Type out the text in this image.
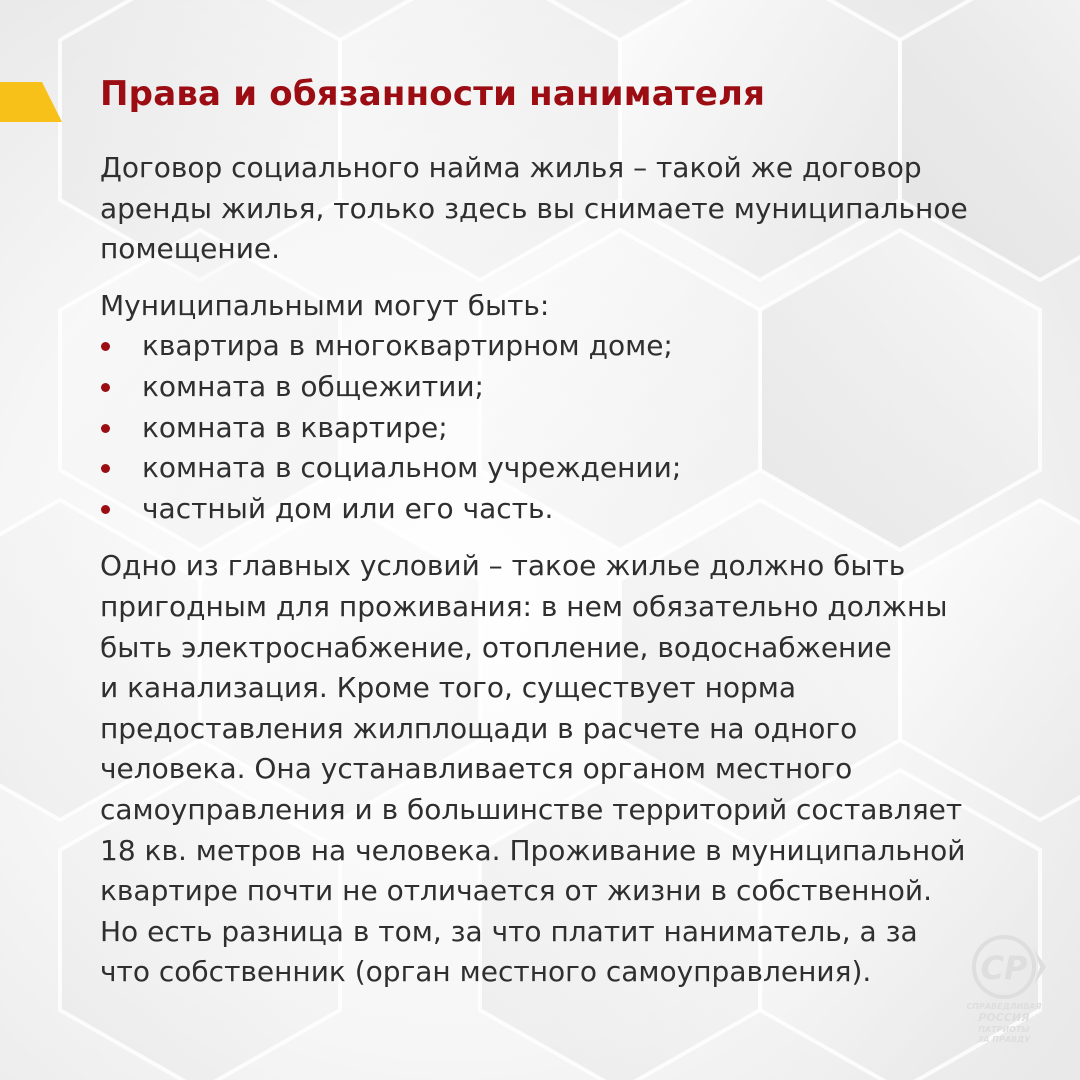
Права и обязанности нанимателя

Договор социального найма жилья – такой же договор
аренды жилья, только здесь вы снимаете муниципальное
помещение.

Муниципальными могут быть:

квартира в многоквартирном доме;
комната в общежитии;
комната в квартире;
комната в социальном учреждении;
частный дом или его часть.

Одно из главных условий – такое жилье должно быть
пригодным для проживания: в нем обязательно должны
быть электроснабжение, отопление, водоснабжение
и канализация. Кроме того, существует норма
предоставления жилплощади в расчете на одного
человека. Она устанавливается органом местного
самоуправления и в большинстве территорий составляет
18 кв. метров на человека. Проживание в муниципальной
квартире почти не отличается от жизни в собственной.
Но есть разница в том, за что платит наниматель, а за
что собственник (орган местного самоуправления).	СР
СПРАВЕДЛИВАЯ
РОССИЯ
ПАТРИОТЫ
ЗА ПРАВДУ
